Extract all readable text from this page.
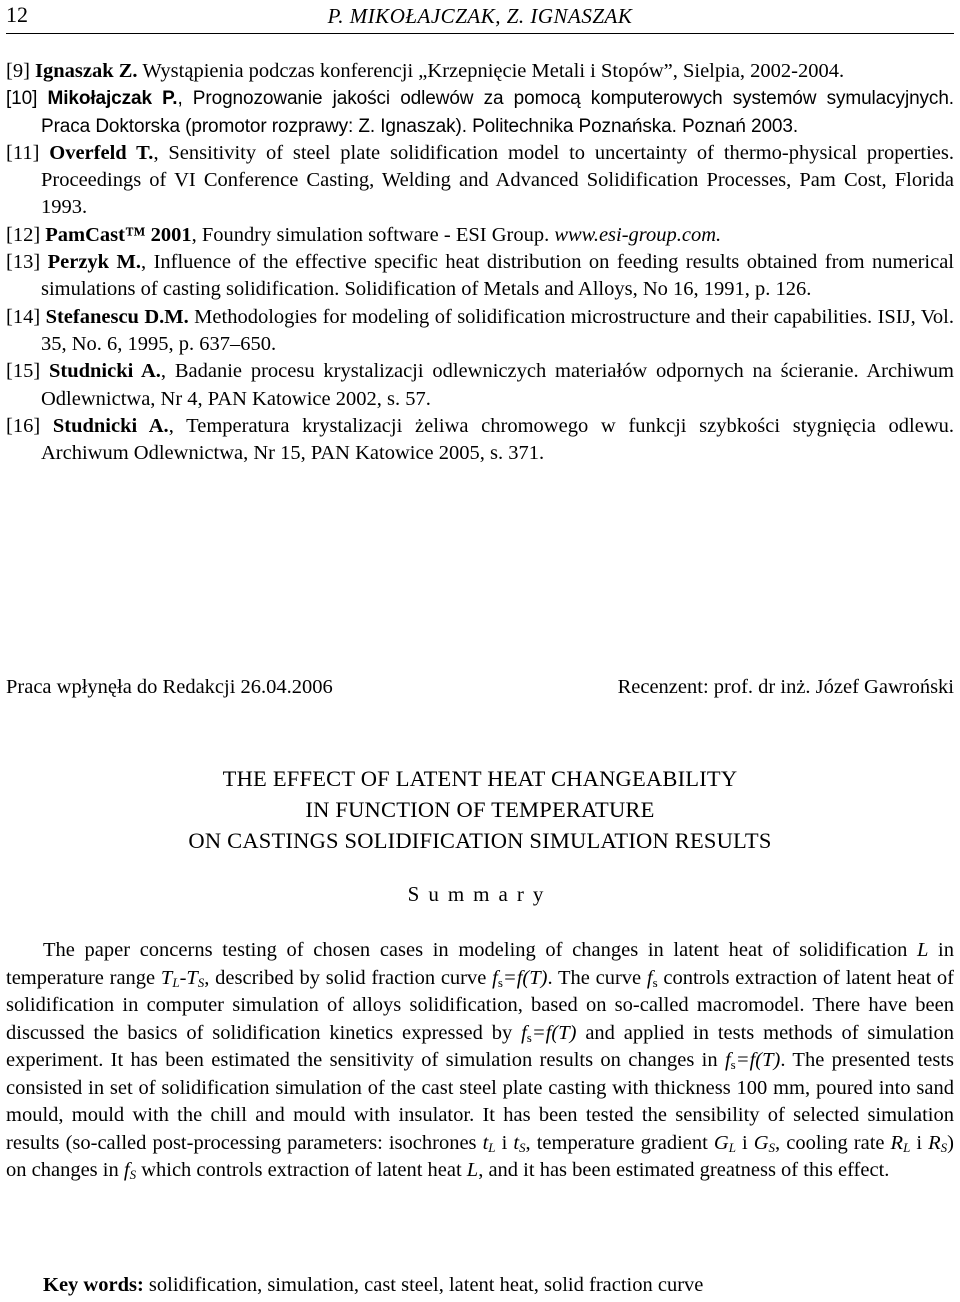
12	P. MIKOŁAJCZAK, Z. IGNASZAK
[9] Ignaszak Z. Wystąpienia podczas konferencji „Krzepnięcie Metali i Stopów”, Sielpia, 2002-2004.
[10] Mikołajczak P., Prognozowanie jakości odlewów za pomocą komputerowych systemów symulacyjnych. Praca Doktorska (promotor rozprawy: Z. Ignaszak). Politechnika Poznańska. Poznań 2003.
[11] Overfeld T., Sensitivity of steel plate solidification model to uncertainty of thermo-physical properties. Proceedings of VI Conference Casting, Welding and Advanced Solidification Processes, Pam Cost, Florida 1993.
[12] PamCast™ 2001, Foundry simulation software - ESI Group. www.esi-group.com.
[13] Perzyk M., Influence of the effective specific heat distribution on feeding results obtained from numerical simulations of casting solidification. Solidification of Metals and Alloys, No 16, 1991, p. 126.
[14] Stefanescu D.M. Methodologies for modeling of solidification microstructure and their capabilities. ISIJ, Vol. 35, No. 6, 1995, p. 637–650.
[15] Studnicki A., Badanie procesu krystalizacji odlewniczych materiałów odpornych na ścieranie. Archiwum Odlewnictwa, Nr 4, PAN Katowice 2002, s. 57.
[16] Studnicki A., Temperatura krystalizacji żeliwa chromowego w funkcji szybkości stygnięcia odlewu. Archiwum Odlewnictwa, Nr 15, PAN Katowice 2005, s. 371.
Praca wpłynęła do Redakcji 26.04.2006	Recenzent: prof. dr inż. Józef Gawroński
THE EFFECT OF LATENT HEAT CHANGEABILITY
IN FUNCTION OF TEMPERATURE
ON CASTINGS SOLIDIFICATION SIMULATION RESULTS
Summary
The paper concerns testing of chosen cases in modeling of changes in latent heat of solidification L in temperature range $T_L-T_S$, described by solid fraction curve $f_s=f(T)$. The curve $f_s$ controls extraction of latent heat of solidification in computer simulation of alloys solidification, based on so-called macromodel. There have been discussed the basics of solidification kinetics expressed by $f_s=f(T)$ and applied in tests methods of simulation experiment. It has been estimated the sensitivity of simulation results on changes in $f_s=f(T)$. The presented tests consisted in set of solidification simulation of the cast steel plate casting with thickness 100 mm, poured into sand mould, mould with the chill and mould with insulator. It has been tested the sensibility of selected simulation results (so-called post-processing parameters: isochrones $t_L$ i $t_S$, temperature gradient $G_L$ i $G_S$, cooling rate $R_L$ i $R_S$) on changes in $f_S$ which controls extraction of latent heat L, and it has been estimated greatness of this effect.
Key words: solidification, simulation, cast steel, latent heat, solid fraction curve
